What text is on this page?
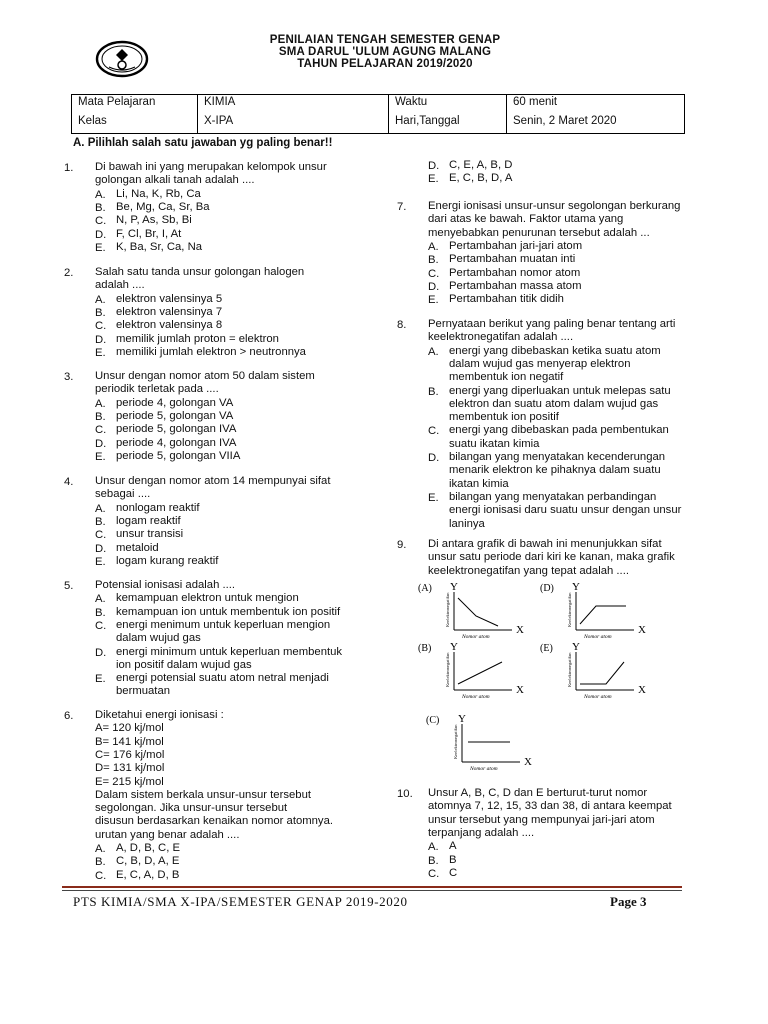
PENILAIAN TENGAH SEMESTER GENAP
SMA DARUL 'ULUM AGUNG MALANG
TAHUN PELAJARAN 2019/2020
Mata Pelajaran	KIMIA	Waktu	60 menit
Kelas	X-IPA	Hari,Tanggal	Senin, 2 Maret 2020
A. Pilihlah salah satu jawaban yg paling benar!!
1. Di bawah ini yang merupakan kelompok unsur
golongan alkali tanah adalah ....
A. Li, Na, K, Rb, Ca
B. Be, Mg, Ca, Sr, Ba
C. N, P, As, Sb, Bi
D. F, Cl, Br, I, At
E. K, Ba, Sr, Ca, Na
2. Salah satu tanda unsur golongan halogen
adalah ....
A. elektron valensinya 5
B. elektron valensinya 7
C. elektron valensinya 8
D. memilik jumlah proton = elektron
E. memiliki jumlah elektron > neutronnya
3. Unsur dengan nomor atom 50 dalam sistem
periodik terletak pada ....
A. periode 4, golongan VA
B. periode 5, golongan VA
C. periode 5, golongan IVA
D. periode 4, golongan IVA
E. periode 5, golongan VIIA
4. Unsur dengan nomor atom 14 mempunyai sifat
sebagai ....
A. nonlogam reaktif
B. logam reaktif
C. unsur transisi
D. metaloid
E. logam kurang reaktif
5. Potensial ionisasi adalah ....
A. kemampuan elektron untuk mengion
B. kemampuan ion untuk membentuk ion positif
C. energi menimum untuk keperluan mengion
dalam wujud gas
D. energi minimum untuk keperluan membentuk
ion positif dalam wujud gas
E. energi potensial suatu atom netral menjadi
bermuatan
6. Diketahui energi ionisasi :
A= 120 kj/mol
B= 141 kj/mol
C= 176 kj/mol
D= 131 kj/mol
E= 215 kj/mol
Dalam sistem berkala unsur-unsur tersebut
segolongan. Jika unsur-unsur tersebut
disusun berdasarkan kenaikan nomor atomnya.
urutan yang benar adalah ....
A. A, D, B, C, E
B. C, B, D, A, E
C. E, C, A, D, B
7. Energi ionisasi unsur-unsur segolongan berkurang
dari atas ke bawah. Faktor utama yang
menyebabkan penurunan tersebut adalah ...
A. Pertambahan jari-jari atom
B. Pertambahan muatan inti
C. Pertambahan nomor atom
D. Pertambahan massa atom
E. Pertambahan titik didih
8. Pernyataan berikut yang paling benar tentang arti
keelektronegatifan adalah ....
A. energi yang dibebaskan ketika suatu atom
dalam wujud gas menyerap elektron
membentuk ion negatif
B. energi yang diperluakan untuk melepas satu
elektron dan suatu atom dalam wujud gas
membentuk ion positif
C. energi yang dibebaskan pada pembentukan
suatu ikatan kimia
D. bilangan yang menyatakan kecenderungan
menarik elektron ke pihaknya dalam suatu
ikatan kimia
E. bilangan yang menyatakan perbandingan
energi ionisasi daru suatu unsur dengan unsur
laninya
9. Di antara grafik di bawah ini menunjukkan sifat
unsur satu periode dari kiri ke kanan, maka grafik
keelektronegatifan yang tepat adalah ....
10. Unsur A, B, C, D dan E berturut-turut nomor
atomnya 7, 12, 15, 33 dan 38, di antara keempat
unsur tersebut yang mempunyai jari-jari atom
terpanjang adalah ....
A. A
B. B
C. C
D. C, E, A, B, D
E. E, C, B, D, A
(A) Y
X
Keelektronegatifan
Nomor atom
(D) Y
X
Keelektronegatifan
Nomor atom
(B) Y
X
Keelektronegatifan
Nomor atom
(E) Y
X
Keelektronegatifan
Nomor atom
(C) Y
X
Keelektronegatifan
Nomor atom
PTS KIMIA/SMA X-IPA/SEMESTER GENAP 2019-2020	Page 3
